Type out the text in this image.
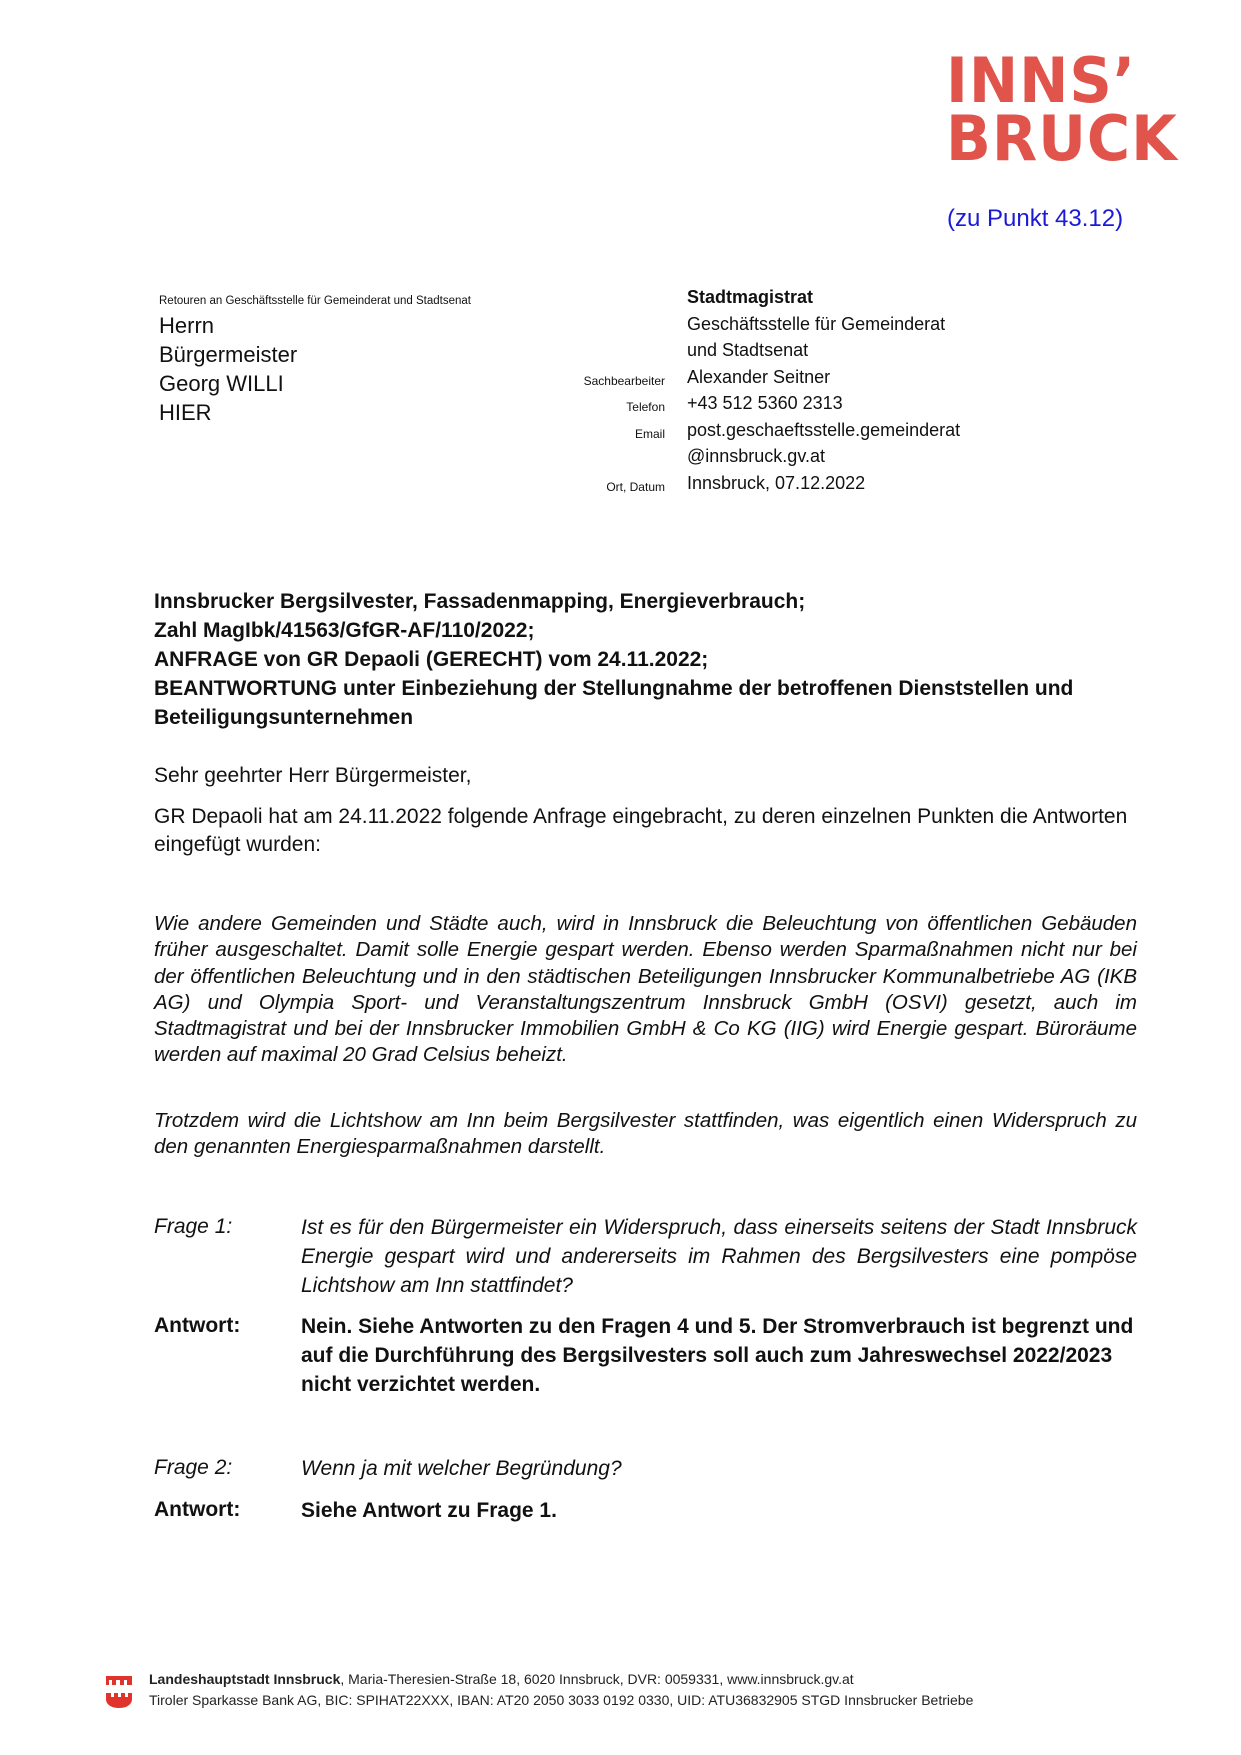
INNS’
BRUCK
(zu Punkt 43.12)
Retouren an Geschäftsstelle für Gemeinderat und Stadtsenat
Herrn
Bürgermeister
Georg WILLI
HIER
Stadtmagistrat
Geschäftsstelle für Gemeinderat
und Stadtsenat
Sachbearbeiter Alexander Seitner
Telefon +43 512 5360 2313
Email post.geschaeftsstelle.gemeinderat
@innsbruck.gv.at
Ort, Datum Innsbruck, 07.12.2022
Innsbrucker Bergsilvester, Fassadenmapping, Energieverbrauch;
Zahl MagIbk/41563/GfGR-AF/110/2022;
ANFRAGE von GR Depaoli (GERECHT) vom 24.11.2022;
BEANTWORTUNG unter Einbeziehung der Stellungnahme der betroffenen Dienststellen und Beteiligungsunternehmen
Sehr geehrter Herr Bürgermeister,
GR Depaoli hat am 24.11.2022 folgende Anfrage eingebracht, zu deren einzelnen Punkten die Antworten eingefügt wurden:
Wie andere Gemeinden und Städte auch, wird in Innsbruck die Beleuchtung von öffentlichen Gebäuden früher ausgeschaltet. Damit solle Energie gespart werden. Ebenso werden Sparmaßnahmen nicht nur bei der öffentlichen Beleuchtung und in den städtischen Beteiligungen Innsbrucker Kommunalbetriebe AG (IKB AG) und Olympia Sport- und Veranstaltungszentrum Innsbruck GmbH (OSVI) gesetzt, auch im Stadtmagistrat und bei der Innsbrucker Immobilien GmbH & Co KG (IIG) wird Energie gespart. Büroräume werden auf maximal 20 Grad Celsius beheizt.
Trotzdem wird die Lichtshow am Inn beim Bergsilvester stattfinden, was eigentlich einen Widerspruch zu den genannten Energiesparmaßnahmen darstellt.
Frage 1:	Ist es für den Bürgermeister ein Widerspruch, dass einerseits seitens der Stadt Innsbruck Energie gespart wird und andererseits im Rahmen des Bergsilvesters eine pompöse Lichtshow am Inn stattfindet?
Antwort:	Nein. Siehe Antworten zu den Fragen 4 und 5. Der Stromverbrauch ist begrenzt und auf die Durchführung des Bergsilvesters soll auch zum Jahreswechsel 2022/2023 nicht verzichtet werden.
Frage 2:	Wenn ja mit welcher Begründung?
Antwort:	Siehe Antwort zu Frage 1.
Landeshauptstadt Innsbruck, Maria-Theresien-Straße 18, 6020 Innsbruck, DVR: 0059331, www.innsbruck.gv.at
Tiroler Sparkasse Bank AG, BIC: SPIHAT22XXX, IBAN: AT20 2050 3033 0192 0330, UID: ATU36832905 STGD Innsbrucker Betriebe
